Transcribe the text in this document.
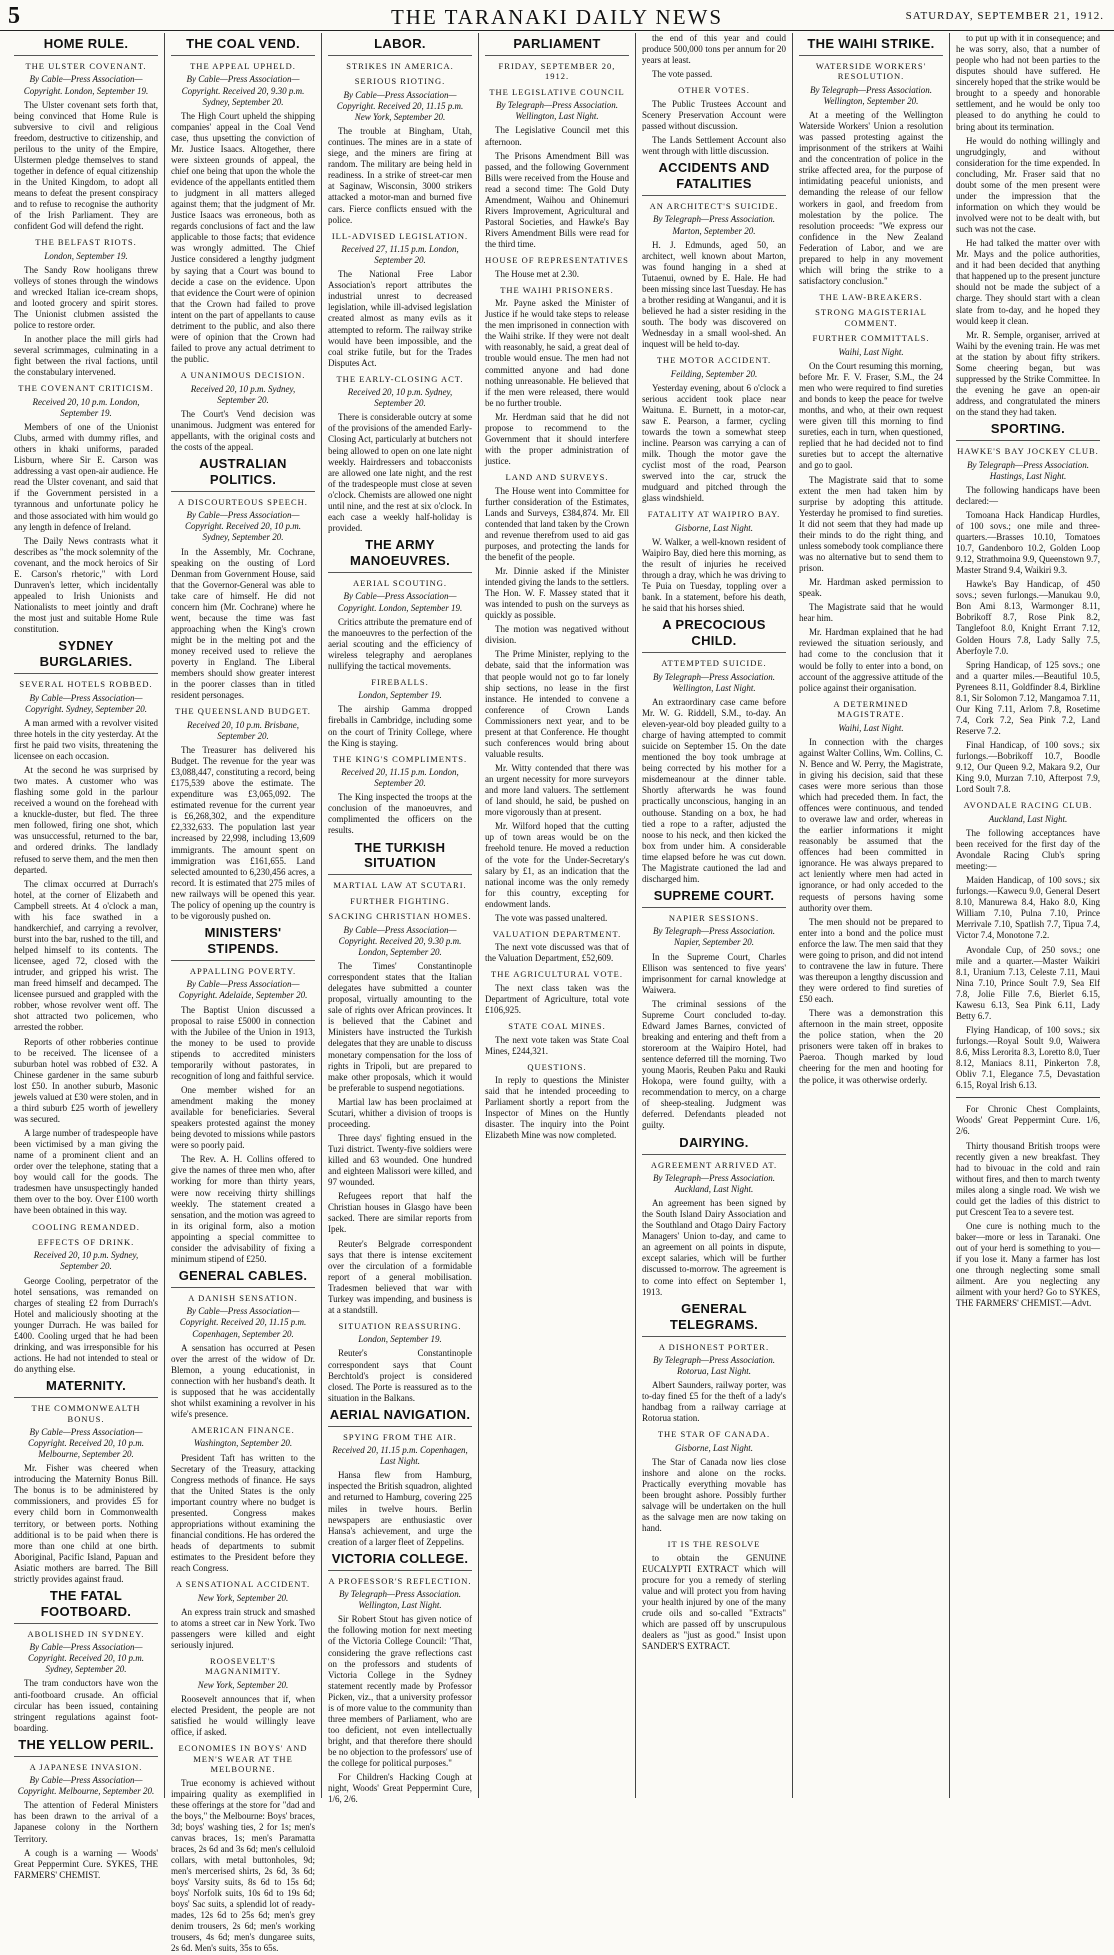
5	THE TARANAKI DAILY NEWS	SATURDAY, SEPTEMBER 21, 1912.
HOME RULE.
THE ULSTER COVENANT.
By Cable—Press Association—Copyright. London, September 19.

The Ulster covenant sets forth that, being convinced that Home Rule is subversive to civil and religious freedom, destructive to citizenship, and perilous to the unity of the Empire, Ulstermen pledge themselves to stand together in defence of equal citizenship in the United Kingdom, to adopt all means to defeat the present conspiracy and to refuse to recognise the authority of the Irish Parliament. They are confident God will defend the right.

THE BELFAST RIOTS.
London, September 19.

The Sandy Row hooligans threw volleys of stones through the windows and wrecked Italian ice-cream shops, and looted grocery and spirit stores. The Unionist clubmen assisted the police to restore order.

In another place the mill girls had several scrimmages, culminating in a fight between the rival factions, until the constabulary intervened.

THE COVENANT CRITICISM.
Received 20, 10 p.m. London, September 19.

Members of one of the Unionist Clubs, armed with dummy rifles, and others in khaki uniforms, paraded Lisburn, where Sir E. Carson was addressing a vast open-air audience. He read the Ulster covenant, and said that if the Government persisted in a tyrannous and unfortunate policy he and those associated with him would go any length in defence of Ireland.

The Daily News contrasts what it describes as "the mock solemnity of the covenant, and the mock heroics of Sir E. Carson's rhetoric," with Lord Dunraven's letter, which incidentally appealed to Irish Unionists and Nationalists to meet jointly and draft the most just and suitable Home Rule constitution.

SYDNEY BURGLARIES.
SEVERAL HOTELS ROBBED.
By Cable—Press Association—Copyright. Sydney, September 20.

A man armed with a revolver visited three hotels in the city yesterday. At the first he paid two visits, threatening the licensee on each occasion.

At the second he was surprised by two mates. A customer who was flashing some gold in the parlour received a wound on the forehead with a knuckle-duster, but fled. The three men followed, firing one shot, which was unsuccessful, returned to the bar, and ordered drinks. The landlady refused to serve them, and the men then departed.

The climax occurred at Durrach's hotel, at the corner of Elizabeth and Campbell streets. At 4 o'clock a man, with his face swathed in a handkerchief, and carrying a revolver, burst into the bar, rushed to the till, and helped himself to its contents. The licensee, aged 72, closed with the intruder, and gripped his wrist. The man freed himself and decamped. The licensee pursued and grappled with the robber, whose revolver went off. The shot attracted two policemen, who arrested the robber.

Reports of other robberies continue to be received. The licensee of a suburban hotel was robbed of £32. A Chinese gardener in the same suburb lost £50. In another suburb, Masonic jewels valued at £30 were stolen, and in a third suburb £25 worth of jewellery was secured.

A large number of tradespeople have been victimised by a man giving the name of a prominent client and an order over the telephone, stating that a boy would call for the goods. The tradesmen have unsuspectingly handed them over to the boy. Over £100 worth have been obtained in this way.

COOLING REMANDED.
EFFECTS OF DRINK.
Received 20, 10 p.m. Sydney, September 20.

George Cooling, perpetrator of the hotel sensations, was remanded on charges of stealing £2 from Durrach's Hotel and maliciously shooting at the younger Durrach. He was bailed for £400. Cooling urged that he had been drinking, and was irresponsible for his actions. He had not intended to steal or do anything else.

MATERNITY.
THE COMMONWEALTH BONUS.
By Cable—Press Association—Copyright. Received 20, 10 p.m. Melbourne, September 20.

Mr. Fisher was cheered when introducing the Maternity Bonus Bill. The bonus is to be administered by commissioners, and provides £5 for every child born in Commonwealth territory, or between ports. Nothing additional is to be paid when there is more than one child at one birth. Aboriginal, Pacific Island, Papuan and Asiatic mothers are barred. The Bill strictly provides against fraud.

THE FATAL FOOTBOARD.
ABOLISHED IN SYDNEY.
By Cable—Press Association—Copyright. Received 20, 10 p.m. Sydney, September 20.

The tram conductors have won the anti-footboard crusade. An official circular has been issued, containing stringent regulations against foot-boarding.

THE YELLOW PERIL.
A JAPANESE INVASION.
By Cable—Press Association—Copyright. Melbourne, September 20.

The attention of Federal Ministers has been drawn to the arrival of a Japanese colony in the Northern Territory.

A cough is a warning — Woods' Great Peppermint Cure. SYKES, THE FARMERS' CHEMIST.

THE COAL VEND.
THE APPEAL UPHELD.
By Cable—Press Association—Copyright. Received 20, 9.30 p.m. Sydney, September 20.

The High Court upheld the shipping companies' appeal in the Coal Vend case, thus upsetting the conviction of Mr. Justice Isaacs. Altogether, there were sixteen grounds of appeal, the chief one being that upon the whole the evidence of the appellants entitled them to judgment in all matters alleged against them; that the judgment of Mr. Justice Isaacs was erroneous, both as regards conclusions of fact and the law applicable to those facts; that evidence was wrongly admitted. The Chief Justice considered a lengthy judgment by saying that a Court was bound to decide a case on the evidence. Upon that evidence the Court were of opinion that the Crown had failed to prove intent on the part of appellants to cause detriment to the public, and also there were of opinion that the Crown had failed to prove any actual detriment to the public.

A UNANIMOUS DECISION.
Received 20, 10 p.m. Sydney, September 20.

The Court's Vend decision was unanimous. Judgment was entered for appellants, with the original costs and the costs of the appeal.

AUSTRALIAN POLITICS.
A DISCOURTEOUS SPEECH.
By Cable—Press Association—Copyright. Received 20, 10 p.m. Sydney, September 20.

In the Assembly, Mr. Cochrane, speaking on the ousting of Lord Denman from Government House, said that the Governor-General was able to take care of himself. He did not concern him (Mr. Cochrane) where he went, because the time was fast approaching when the King's crown might be in the melting pot and the money received used to relieve the poverty in England. The Liberal members should show greater interest in the poorer classes than in titled resident personages.

THE QUEENSLAND BUDGET.
Received 20, 10 p.m. Brisbane, September 20.

The Treasurer has delivered his Budget. The revenue for the year was £3,088,447, constituting a record, being £175,539 above the estimate. The expenditure was £3,065,092. The estimated revenue for the current year is £6,268,302, and the expenditure £2,332,633. The population last year increased by 22,998, including 13,609 immigrants. The amount spent on immigration was £161,655. Land selected amounted to 6,230,456 acres, a record. It is estimated that 275 miles of new railways will be opened this year. The policy of opening up the country is to be vigorously pushed on.

MINISTERS' STIPENDS.
APPALLING POVERTY.
By Cable—Press Association—Copyright. Adelaide, September 20.

The Baptist Union discussed a proposal to raise £5000 in connection with the Jubilee of the Union in 1913, the money to be used to provide stipends to accredited ministers temporarily without pastorates, in recognition of long and faithful service.

One member wished for an amendment making the money available for beneficiaries. Several speakers protested against the money being devoted to missions while pastors were so poorly paid.

The Rev. A. H. Collins offered to give the names of three men who, after working for more than thirty years, were now receiving thirty shillings weekly. The statement created a sensation, and the motion was agreed to in its original form, also a motion appointing a special committee to consider the advisability of fixing a minimum stipend of £250.

GENERAL CABLES.
A DANISH SENSATION.
By Cable—Press Association—Copyright. Received 20, 11.15 p.m. Copenhagen, September 20.

A sensation has occurred at Pesen over the arrest of the widow of Dr. Blemon, a young educationist, in connection with her husband's death. It is supposed that he was accidentally shot whilst examining a revolver in his wife's presence.

AMERICAN FINANCE.
Washington, September 20.

President Taft has written to the Secretary of the Treasury, attacking Congress methods of finance. He says that the United States is the only important country where no budget is presented. Congress makes appropriations without examining the financial conditions. He has ordered the heads of departments to submit estimates to the President before they reach Congress.

A SENSATIONAL ACCIDENT.
New York, September 20.

An express train struck and smashed to atoms a street car in New York. Two passengers were killed and eight seriously injured.

ROOSEVELT'S MAGNANIMITY.
New York, September 20.

Roosevelt announces that if, when elected President, the people are not satisfied he would willingly leave office, if asked.

ECONOMIES IN BOYS' AND MEN'S WEAR AT THE MELBOURNE.

True economy is achieved without impairing quality as exemplified in these offerings at the store for "dad and the boys," the Melbourne: Boys' braces, 3d; boys' washing ties, 2 for 1s; men's canvas braces, 1s; men's Paramatta braces, 2s 6d and 3s 6d; men's celluloid collars, with metal buttonholes, 9d; men's mercerised shirts, 2s 6d, 3s 6d; boys' Varsity suits, 8s 6d to 15s 6d; boys' Norfolk suits, 10s 6d to 19s 6d; boys' Sac suits, a splendid lot of ready-mades, 12s 6d to 25s 6d; men's grey denim trousers, 2s 6d; men's working trousers, 4s 6d; men's dungaree suits, 2s 6d. Men's suits, 35s to 65s.

LABOR.
STRIKES IN AMERICA.
SERIOUS RIOTING.
By Cable—Press Association—Copyright. Received 20, 11.15 p.m. New York, September 20.

The trouble at Bingham, Utah, continues. The mines are in a state of siege, and the miners are firing at random. The military are being held in readiness. In a strike of street-car men at Saginaw, Wisconsin, 3000 strikers attacked a motor-man and burned five cars. Fierce conflicts ensued with the police.

ILL-ADVISED LEGISLATION.
Received 27, 11.15 p.m. London, September 20.

The National Free Labor Association's report attributes the industrial unrest to decreased legislation, while ill-advised legislation created almost as many evils as it attempted to reform. The railway strike would have been impossible, and the coal strike futile, but for the Trades Disputes Act.

THE EARLY-CLOSING ACT.
Received 20, 10 p.m. Sydney, September 20.

There is considerable outcry at some of the provisions of the amended Early-Closing Act, particularly at butchers not being allowed to open on one late night weekly. Hairdressers and tobacconists are allowed one late night, and the rest of the tradespeople must close at seven o'clock. Chemists are allowed one night until nine, and the rest at six o'clock. In each case a weekly half-holiday is provided.

THE ARMY MANOEUVRES.
AERIAL SCOUTING.
By Cable—Press Association—Copyright. London, September 19.

Critics attribute the premature end of the manoeuvres to the perfection of the aerial scouting and the efficiency of wireless telegraphy and aeroplanes nullifying the tactical movements.

FIREBALLS.
London, September 19.

The airship Gamma dropped fireballs in Cambridge, including some on the court of Trinity College, where the King is staying.

THE KING'S COMPLIMENTS.
Received 20, 11.15 p.m. London, September 20.

The King inspected the troops at the conclusion of the manoeuvres, and complimented the officers on the results.

THE TURKISH SITUATION
MARTIAL LAW AT SCUTARI.
FURTHER FIGHTING.
SACKING CHRISTIAN HOMES.
By Cable—Press Association—Copyright. Received 20, 9.30 p.m. London, September 20.

The Times' Constantinople correspondent states that the Italian delegates have submitted a counter proposal, virtually amounting to the sale of rights over African provinces. It is believed that the Cabinet and Ministers have instructed the Turkish delegates that they are unable to discuss monetary compensation for the loss of rights in Tripoli, but are prepared to make other proposals, which it would be preferable to suspend negotiations.

Martial law has been proclaimed at Scutari, whither a division of troops is proceeding.

Three days' fighting ensued in the Tuzi district. Twenty-five soldiers were killed and 63 wounded. One hundred and eighteen Malissori were killed, and 97 wounded.

Refugees report that half the Christian houses in Glasgo have been sacked. There are similar reports from Ipek.

Reuter's Belgrade correspondent says that there is intense excitement over the circulation of a formidable report of a general mobilisation. Tradesmen believed that war with Turkey was impending, and business is at a standstill.

SITUATION REASSURING.
London, September 19.

Reuter's Constantinople correspondent says that Count Berchtold's project is considered closed. The Porte is reassured as to the situation in the Balkans.

AERIAL NAVIGATION.
SPYING FROM THE AIR.
Received 20, 11.15 p.m. Copenhagen, Last Night.

Hansa flew from Hamburg, inspected the British squadron, alighted and returned to Hamburg, covering 225 miles in twelve hours. Berlin newspapers are enthusiastic over Hansa's achievement, and urge the creation of a larger fleet of Zeppelins.

VICTORIA COLLEGE.
A PROFESSOR'S REFLECTION.
By Telegraph—Press Association. Wellington, Last Night.

Sir Robert Stout has given notice of the following motion for next meeting of the Victoria College Council: "That, considering the grave reflections cast on the professors and students of Victoria College in the Sydney statement recently made by Professor Picken, viz., that a university professor is of more value to the community than three members of Parliament, who are too deficient, not even intellectually bright, and that therefore there should be no objection to the professors' use of the college for political purposes."

For Children's Hacking Cough at night, Woods' Great Peppermint Cure, 1/6, 2/6.

PARLIAMENT
FRIDAY, SEPTEMBER 20, 1912.
THE LEGISLATIVE COUNCIL
By Telegraph—Press Association. Wellington, Last Night.

The Legislative Council met this afternoon.

The Prisons Amendment Bill was passed, and the following Government Bills were received from the House and read a second time: The Gold Duty Amendment, Waihou and Ohinemuri Rivers Improvement, Agricultural and Pastoral Societies, and Hawke's Bay Rivers Amendment Bills were read for the third time.

HOUSE OF REPRESENTATIVES

The House met at 2.30.

THE WAIHI PRISONERS.

Mr. Payne asked the Minister of Justice if he would take steps to release the men imprisoned in connection with the Waihi strike. If they were not dealt with reasonably, he said, a great deal of trouble would ensue. The men had not committed anyone and had done nothing unreasonable. He believed that if the men were released, there would be no further trouble.

Mr. Herdman said that he did not propose to recommend to the Government that it should interfere with the proper administration of justice.

LAND AND SURVEYS.

The House went into Committee for further consideration of the Estimates, Lands and Surveys, £384,874. Mr. Ell contended that land taken by the Crown and revenue therefrom used to aid gas purposes, and protecting the lands for the benefit of the people.

Mr. Dinnie asked if the Minister intended giving the lands to the settlers. The Hon. W. F. Massey stated that it was intended to push on the surveys as quickly as possible.

The motion was negatived without division.

The Prime Minister, replying to the debate, said that the information was that people would not go to far lonely ship sections, no lease in the first instance. He intended to convene a conference of Crown Lands Commissioners next year, and to be present at that Conference. He thought such conferences would bring about valuable results.

Mr. Witty contended that there was an urgent necessity for more surveyors and more land valuers. The settlement of land should, he said, be pushed on more vigorously than at present.

Mr. Wilford hoped that the cutting up of town areas would be on the freehold tenure. He moved a reduction of the vote for the Under-Secretary's salary by £1, as an indication that the national income was the only remedy for this country, excepting for endowment lands.

The vote was passed unaltered.

VALUATION DEPARTMENT.

The next vote discussed was that of the Valuation Department, £52,609.

THE AGRICULTURAL VOTE.

The next class taken was the Department of Agriculture, total vote £106,925.

STATE COAL MINES.

The next vote taken was State Coal Mines, £244,321.

QUESTIONS.

In reply to questions the Minister said that he intended proceeding to Parliament shortly a report from the Inspector of Mines on the Huntly disaster. The inquiry into the Point Elizabeth Mine was now completed.

the end of this year and could produce 500,000 tons per annum for 20 years at least.

The vote passed.

OTHER VOTES.

The Public Trustees Account and Scenery Preservation Account were passed without discussion.

The Lands Settlement Account also went through with little discussion.

ACCIDENTS AND FATALITIES
AN ARCHITECT'S SUICIDE.
By Telegraph—Press Association. Marton, September 20.

H. J. Edmunds, aged 50, an architect, well known about Marton, was found hanging in a shed at Tutaenui, owned by E. Hale. He had been missing since last Tuesday. He has a brother residing at Wanganui, and it is believed he had a sister residing in the south. The body was discovered on Wednesday in a small wool-shed. An inquest will be held to-day.

THE MOTOR ACCIDENT.
Feilding, September 20.

Yesterday evening, about 6 o'clock a serious accident took place near Waituna. E. Burnett, in a motor-car, saw E. Pearson, a farmer, cycling towards the town a somewhat steep incline. Pearson was carrying a can of milk. Though the motor gave the cyclist most of the road, Pearson swerved into the car, struck the mudguard and pitched through the glass windshield.

FATALITY AT WAIPIRO BAY.
Gisborne, Last Night.

W. Walker, a well-known resident of Waipiro Bay, died here this morning, as the result of injuries he received through a dray, which he was driving to Te Puia on Tuesday, toppling over a bank. In a statement, before his death, he said that his horses shied.

A PRECOCIOUS CHILD.
ATTEMPTED SUICIDE.
By Telegraph—Press Association. Wellington, Last Night.

An extraordinary case came before Mr. W. G. Riddell, S.M., to-day. An eleven-year-old boy pleaded guilty to a charge of having attempted to commit suicide on September 15. On the date mentioned the boy took umbrage at being corrected by his mother for a misdemeanour at the dinner table. Shortly afterwards he was found practically unconscious, hanging in an outhouse. Standing on a box, he had tied a rope to a rafter, adjusted the noose to his neck, and then kicked the box from under him. A considerable time elapsed before he was cut down. The Magistrate cautioned the lad and discharged him.

SUPREME COURT.
NAPIER SESSIONS.
By Telegraph—Press Association. Napier, September 20.

In the Supreme Court, Charles Ellison was sentenced to five years' imprisonment for carnal knowledge at Waiwera.

The criminal sessions of the Supreme Court concluded to-day. Edward James Barnes, convicted of breaking and entering and theft from a storeroom at the Waipiro Hotel, had sentence deferred till the morning. Two young Maoris, Reuben Paku and Rauki Hokopa, were found guilty, with a recommendation to mercy, on a charge of sheep-stealing. Judgment was deferred. Defendants pleaded not guilty.

DAIRYING.
AGREEMENT ARRIVED AT.
By Telegraph—Press Association. Auckland, Last Night.

An agreement has been signed by the South Island Dairy Association and the Southland and Otago Dairy Factory Managers' Union to-day, and came to an agreement on all points in dispute, except salaries, which will be further discussed to-morrow. The agreement is to come into effect on September 1, 1913.

GENERAL TELEGRAMS.
A DISHONEST PORTER.
By Telegraph—Press Association. Rotorua, Last Night.

Albert Saunders, railway porter, was to-day fined £5 for the theft of a lady's handbag from a railway carriage at Rotorua station.

THE STAR OF CANADA.
Gisborne, Last Night.

The Star of Canada now lies close inshore and alone on the rocks. Practically everything movable has been brought ashore. Possibly further salvage will be undertaken on the hull as the salvage men are now taking on hand.

IT IS THE RESOLVE

to obtain the GENUINE EUCALYPTI EXTRACT which will procure for you a remedy of sterling value and will protect you from having your health injured by one of the many crude oils and so-called "Extracts" which are passed off by unscrupulous dealers as "just as good." Insist upon SANDER'S EXTRACT.

THE WAIHI STRIKE.
WATERSIDE WORKERS' RESOLUTION.
By Telegraph—Press Association. Wellington, September 20.

At a meeting of the Wellington Waterside Workers' Union a resolution was passed protesting against the imprisonment of the strikers at Waihi and the concentration of police in the strike affected area, for the purpose of intimidating peaceful unionists, and demanding the release of our fellow workers in gaol, and freedom from molestation by the police. The resolution proceeds: "We express our confidence in the New Zealand Federation of Labor, and we are prepared to help in any movement which will bring the strike to a satisfactory conclusion."

THE LAW-BREAKERS.
STRONG MAGISTERIAL COMMENT.
FURTHER COMMITTALS.
Waihi, Last Night.

On the Court resuming this morning, before Mr. F. V. Fraser, S.M., the 24 men who were required to find sureties and bonds to keep the peace for twelve months, and who, at their own request were given till this morning to find sureties, each in turn, when questioned, replied that he had decided not to find sureties but to accept the alternative and go to gaol.

The Magistrate said that to some extent the men had taken him by surprise by adopting this attitude. Yesterday he promised to find sureties. It did not seem that they had made up their minds to do the right thing, and unless somebody took compliance there was no alternative but to send them to prison.

Mr. Hardman asked permission to speak.

The Magistrate said that he would hear him.

Mr. Hardman explained that he had reviewed the situation seriously, and had come to the conclusion that it would be folly to enter into a bond, on account of the aggressive attitude of the police against their organisation.

A DETERMINED MAGISTRATE.
Waihi, Last Night.

In connection with the charges against Walter Collins, Wm. Collins, C. N. Bence and W. Perry, the Magistrate, in giving his decision, said that these cases were more serious than those which had preceded them. In fact, the offences were continuous, and tended to overawe law and order, whereas in the earlier informations it might reasonably be assumed that the offences had been committed in ignorance. He was always prepared to act leniently where men had acted in ignorance, or had only acceded to the requests of persons having some authority over them.

The men should not be prepared to enter into a bond and the police must enforce the law. The men said that they were going to prison, and did not intend to contravene the law in future. There was thereupon a lengthy discussion and they were ordered to find sureties of £50 each.

There was a demonstration this afternoon in the main street, opposite the police station, when the 20 prisoners were taken off in brakes to Paeroa. Though marked by loud cheering for the men and hooting for the police, it was otherwise orderly.

to put up with it in consequence; and he was sorry, also, that a number of people who had not been parties to the disputes should have suffered. He sincerely hoped that the strike would be brought to a speedy and honorable settlement, and he would be only too pleased to do anything he could to bring about its termination.

He would do nothing willingly and ungrudgingly, and without consideration for the time expended. In concluding, Mr. Fraser said that no doubt some of the men present were under the impression that the information on which they would be involved were not to be dealt with, but such was not the case.

He had talked the matter over with Mr. Mays and the police authorities, and it had been decided that anything that happened up to the present juncture should not be made the subject of a charge. They should start with a clean slate from to-day, and he hoped they would keep it clean.

Mr. R. Semple, organiser, arrived at Waihi by the evening train. He was met at the station by about fifty strikers. Some cheering began, but was suppressed by the Strike Committee. In the evening he gave an open-air address, and congratulated the miners on the stand they had taken.

SPORTING.
HAWKE'S BAY JOCKEY CLUB.
By Telegraph—Press Association. Hastings, Last Night.

The following handicaps have been declared:—

Tomoana Hack Handicap Hurdles, of 100 sovs.; one mile and three-quarters.—Brasses 10.10, Tomatoes 10.7, Gandenboro 10.2, Golden Loop 9.12, Strathmoina 9.9, Queenstown 9.7, Master Strand 9.4, Waikiri 9.3.

Hawke's Bay Handicap, of 450 sovs.; seven furlongs.—Manukau 9.0, Bon Ami 8.13, Warmonger 8.11, Bobrikoff 8.7, Rose Pink 8.2, Tanglefoot 8.0, Knight Errant 7.12, Golden Hours 7.8, Lady Sally 7.5, Aberfoyle 7.0.

Spring Handicap, of 125 sovs.; one and a quarter miles.—Beautiful 10.5, Pyrenees 8.11, Goldfinder 8.4, Birkline 8.1, Sir Solomon 7.12, Mangamoa 7.11, Our King 7.11, Arlom 7.8, Rosetime 7.4, Cork 7.2, Sea Pink 7.2, Land Reserve 7.2.

Final Handicap, of 100 sovs.; six furlongs.—Bobrikoff 10.7, Boodle 9.12, Our Queen 9.2, Makara 9.2, Our King 9.0, Murzan 7.10, Afterpost 7.9, Lord Soult 7.8.

AVONDALE RACING CLUB.
Auckland, Last Night.

The following acceptances have been received for the first day of the Avondale Racing Club's spring meeting:—

Maiden Handicap, of 100 sovs.; six furlongs.—Kawecu 9.0, General Desert 8.10, Manurewa 8.4, Hako 8.0, King William 7.10, Pulna 7.10, Prince Merrivale 7.10, Spatlish 7.7, Tipua 7.4, Victor 7.4, Monotone 7.2.

Avondale Cup, of 250 sovs.; one mile and a quarter.—Master Waikiri 8.1, Uranium 7.13, Celeste 7.11, Maui Nina 7.10, Prince Soult 7.9, Sea Elf 7.8, Jolie Fille 7.6, Bierlet 6.15, Kawesu 6.13, Sea Pink 6.11, Lady Betty 6.7.

Flying Handicap, of 100 sovs.; six furlongs.—Royal Soult 9.0, Waiwera 8.6, Miss Lerorita 8.3, Loretto 8.0, Tuer 8.12, Maniacs 8.11, Pinkerton 7.8, Obliv 7.1, Elegance 7.5, Devastation 6.15, Royal Irish 6.13.

For Chronic Chest Complaints, Woods' Great Peppermint Cure. 1/6, 2/6.

Thirty thousand British troops were recently given a new breakfast. They had to bivouac in the cold and rain without fires, and then to march twenty miles along a single road. We wish we could get the ladies of this district to put Crescent Tea to a severe test.

One cure is nothing much to the baker—more or less in Taranaki. One out of your herd is something to you—if you lose it. Many a farmer has lost one through neglecting some small ailment. Are you neglecting any ailment with your herd? Go to SYKES, THE FARMERS' CHEMIST.—Advt.
